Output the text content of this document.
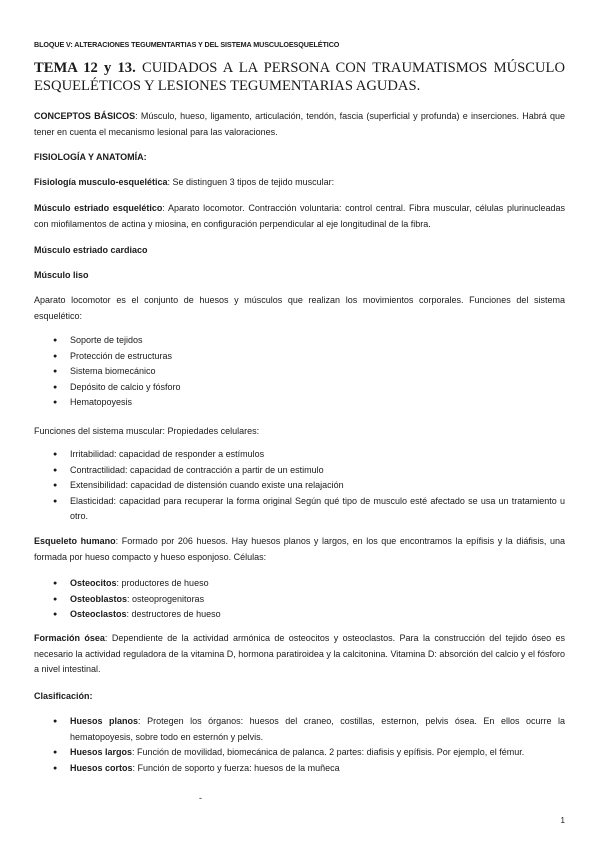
BLOQUE V: ALTERACIONES TEGUMENTARTIAS Y DEL SISTEMA MUSCULOESQUELÉTICO
TEMA 12 y 13. CUIDADOS A LA PERSONA CON TRAUMATISMOS MÚSCULO ESQUELÉTICOS Y LESIONES TEGUMENTARIAS AGUDAS.
CONCEPTOS BÁSICOS: Músculo, hueso, ligamento, articulación, tendón, fascia (superficial y profunda) e inserciones. Habrá que tener en cuenta el mecanismo lesional para las valoraciones.
FISIOLOGÍA Y ANATOMÍA:
Fisiología musculo-esquelética: Se distinguen 3 tipos de tejido muscular:
Músculo estriado esquelético: Aparato locomotor. Contracción voluntaria: control central. Fibra muscular, células plurinucleadas con miofilamentos de actina y miosina, en configuración perpendicular al eje longitudinal de la fibra.
Músculo estriado cardiaco
Músculo liso
Aparato locomotor es el conjunto de huesos y músculos que realizan los movimientos corporales. Funciones del sistema esquelético:
● Soporte de tejidos
● Protección de estructuras
● Sistema biomecánico
● Depósito de calcio y fósforo
● Hematopoyesis
Funciones del sistema muscular: Propiedades celulares:
● Irritabilidad: capacidad de responder a estímulos
● Contractilidad: capacidad de contracción a partir de un estimulo
● Extensibilidad: capacidad de distensión cuando existe una relajación
● Elasticidad: capacidad para recuperar la forma original Según qué tipo de musculo esté afectado se usa un tratamiento u otro.
Esqueleto humano: Formado por 206 huesos. Hay huesos planos y largos, en los que encontramos la epífisis y la diáfisis, una formada por hueso compacto y hueso esponjoso. Células:
● Osteocitos: productores de hueso
● Osteoblastos: osteoprogenitoras
● Osteoclastos: destructores de hueso
Formación ósea: Dependiente de la actividad armónica de osteocitos y osteoclastos. Para la construcción del tejido óseo es necesario la actividad reguladora de la vitamina D, hormona paratiroidea y la calcitonina. Vitamina D: absorción del calcio y el fósforo a nivel intestinal.
Clasificación:
● Huesos planos: Protegen los órganos: huesos del craneo, costillas, esternon, pelvis ósea. En ellos ocurre la hematopoyesis, sobre todo en esternón y pelvis.
● Huesos largos: Función de movilidad, biomecánica de palanca. 2 partes: diafisis y epífisis. Por ejemplo, el fémur.
● Huesos cortos: Función de soporto y fuerza: huesos de la muñeca
-
1
